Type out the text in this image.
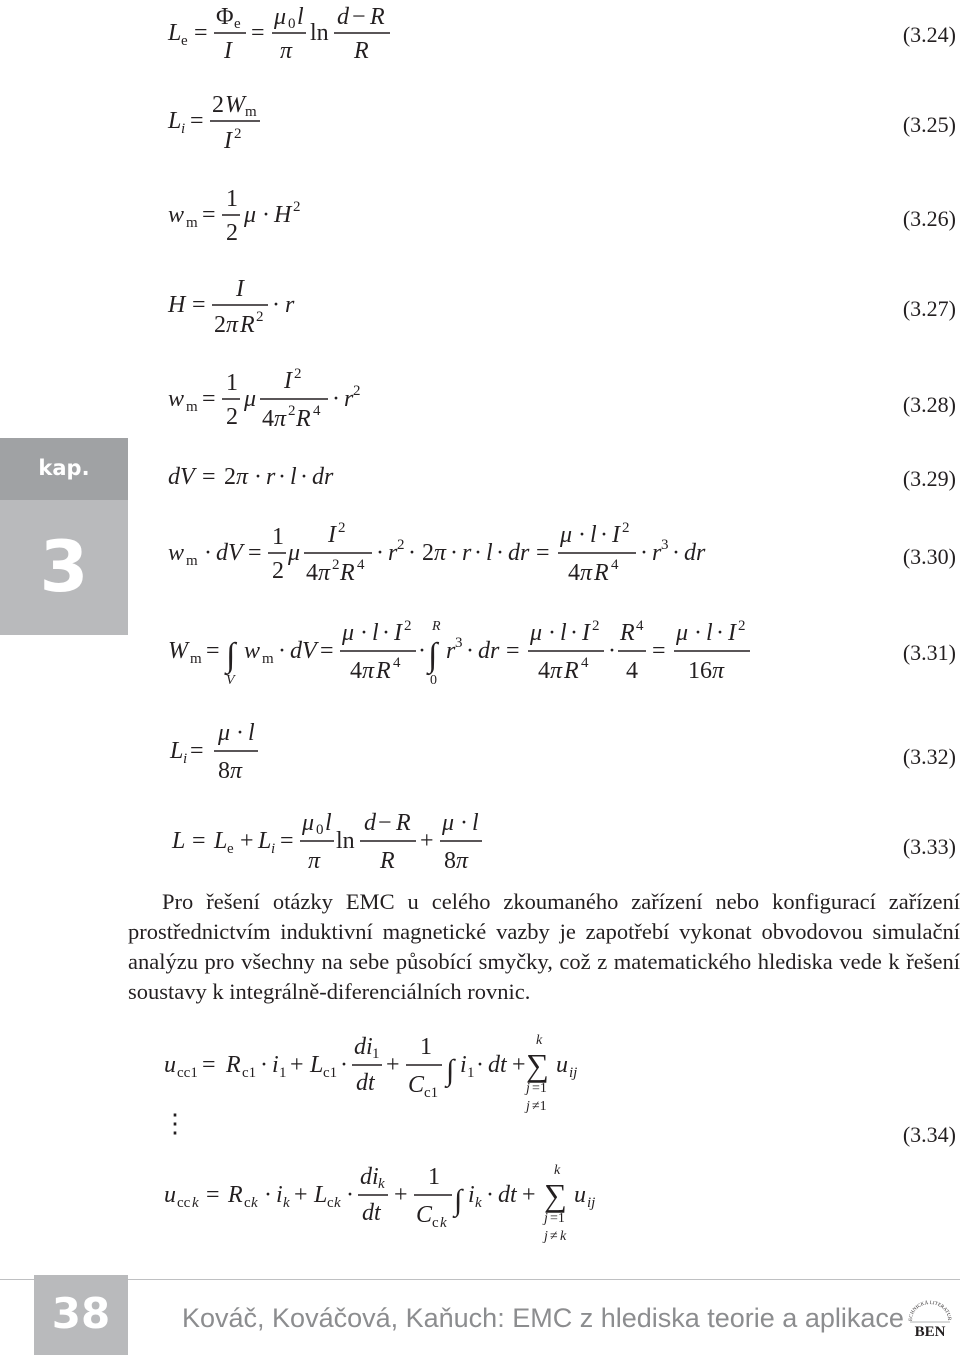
kap.
3
L e =
Φ e
I
=
μ 0 l
π
ln
d − R
R
(3.24)
L i =
2 W m
I 2	(3.25)
w m =
1
2
μ · H 2	(3.26)
H =
I
2 π R 2 · r	(3.27)
w m =
1
2
μ
I 2
4 π 2 R 4 · r 2
(3.28)
dV = 2 π · r · l · dr	(3.29)
w m · dV =
1
2
μ
I 2
4 π 2 R 4 · r 2 · 2 π · r · l · dr =
μ · l · I 2
4 π R 4 · r 3 · dr	(3.30)
W m = ∫
V
w m · dV =
μ · l · I 2
4 π R 4 · ∫
R
0
r 3 · dr =
μ · l · I 2
4 π R 4 ·
R 4
4
=
μ · l · I 2
16 π
(3.31)
L i =
μ · l
8 π
(3.32)
L = L e + L i =
μ 0 l
π
ln
d − R
R
+
μ · l
8 π
(3.33)

Pro řešení otázky EMC u celého zkoumaného zařízení nebo konfigurací zařízení prostřednictvím induktivní magnetické vazby je zapotřebí vykonat obvodovou simulační analýzu pro všechny na sebe působící smyčky, což z matematického hlediska vede k řešení soustavy k integrálně-diferenciálních rovnic.

u cc1 = R c1 · i 1 + L c1 ·
di 1
dt
+
1
C c1
∫ i 1 · dt +
k
∑
j =1
j ≠1
u ij
u cc k = R c k · i k + L c k ·
di k
dt
+
1
C c k
∫ i k · dt +
k
∑
j =1
j ≠ k
u ij
(3.34)
⋮
38	Kováč, Kováčová, Kaňuch: EMC z hlediska teorie a aplikace	ECHNICKÁ LITERATUR
BEN
